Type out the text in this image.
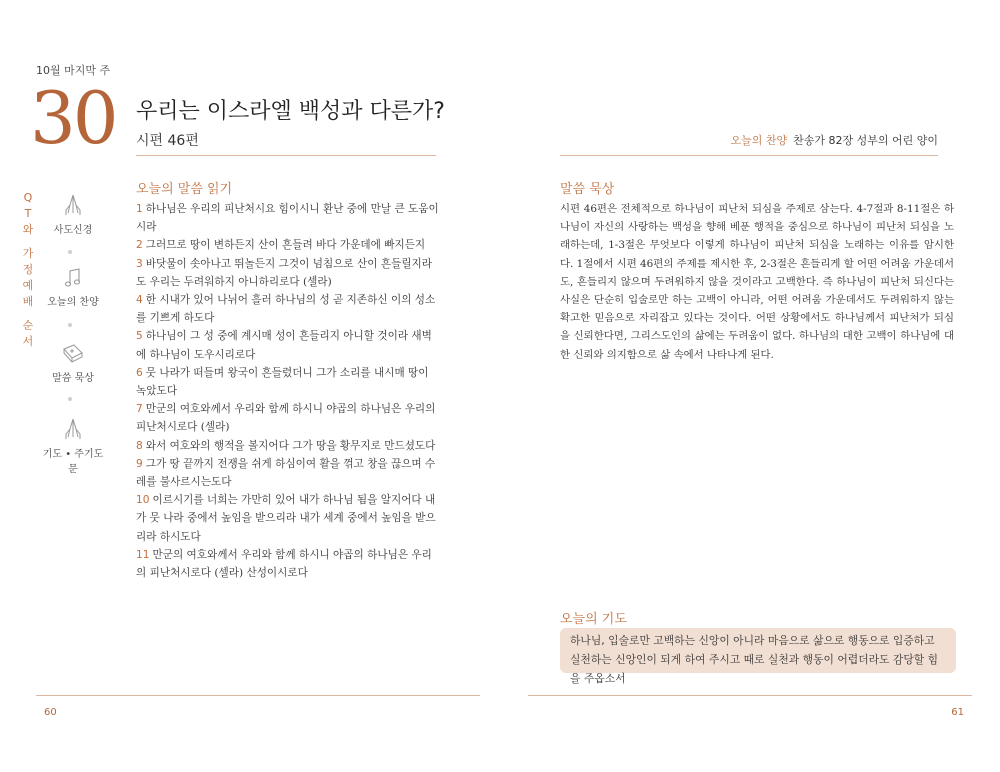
10월 마지막 주
30 우리는 이스라엘 백성과 다른가?
시편 46편	오늘의 찬양 찬송가 82장 성부의 어린 양이
Q
T
와
가
정
예
배
순
서
사도신경
오늘의 찬양
말씀 묵상
기도 • 주기도문
오늘의 말씀 읽기
1 하나님은 우리의 피난처시요 힘이시니 환난 중에 만날 큰 도움이시라
2 그러므로 땅이 변하든지 산이 흔들려 바다 가운데에 빠지든지
3 바닷물이 솟아나고 뛰놀든지 그것이 넘침으로 산이 흔들릴지라도 우리는 두려워하지 아니하리로다 (셀라)
4 한 시내가 있어 나뉘어 흘러 하나님의 성 곧 지존하신 이의 성소를 기쁘게 하도다
5 하나님이 그 성 중에 계시매 성이 흔들리지 아니할 것이라 새벽에 하나님이 도우시리로다
6 뭇 나라가 떠들며 왕국이 흔들렸더니 그가 소리를 내시매 땅이 녹았도다
7 만군의 여호와께서 우리와 함께 하시니 야곱의 하나님은 우리의 피난처시로다 (셀라)
8 와서 여호와의 행적을 볼지어다 그가 땅을 황무지로 만드셨도다
9 그가 땅 끝까지 전쟁을 쉬게 하심이여 활을 꺾고 창을 끊으며 수레를 불사르시는도다
10 이르시기를 너희는 가만히 있어 내가 하나님 됨을 알지어다 내가 뭇 나라 중에서 높임을 받으리라 내가 세계 중에서 높임을 받으리라 하시도다
11 만군의 여호와께서 우리와 함께 하시니 야곱의 하나님은 우리의 피난처시로다 (셀라) 산성이시로다
말씀 묵상
시편 46편은 전체적으로 하나님이 피난처 되심을 주제로 삼는다. 4-7절과 8-11절은 하나님이 자신의 사랑하는 백성을 향해 베푼 행적을 중심으로 하나님이 피난처 되심을 노래하는데, 1-3절은 무엇보다 이렇게 하나님이 피난처 되심을 노래하는 이유를 암시한다. 1절에서 시편 46편의 주제를 제시한 후, 2-3절은 흔들리게 할 어떤 어려움 가운데서도, 흔들리지 않으며 두려워하지 않을 것이라고 고백한다. 즉 하나님이 피난처 되신다는 사실은 단순히 입술로만 하는 고백이 아니라, 어떤 어려움 가운데서도 두려워하지 않는 확고한 믿음으로 자리잡고 있다는 것이다. 어떤 상황에서도 하나님께서 피난처가 되심을 신뢰한다면, 그리스도인의 삶에는 두려움이 없다. 하나님의 대한 고백이 하나님에 대한 신뢰와 의지함으로 삶 속에서 나타나게 된다.
오늘의 기도
하나님, 입술로만 고백하는 신앙이 아니라 마음으로 삶으로 행동으로 입증하고 실천하는 신앙인이 되게 하여 주시고 때로 실천과 행동이 어렵더라도 감당할 힘을 주옵소서
60	61
